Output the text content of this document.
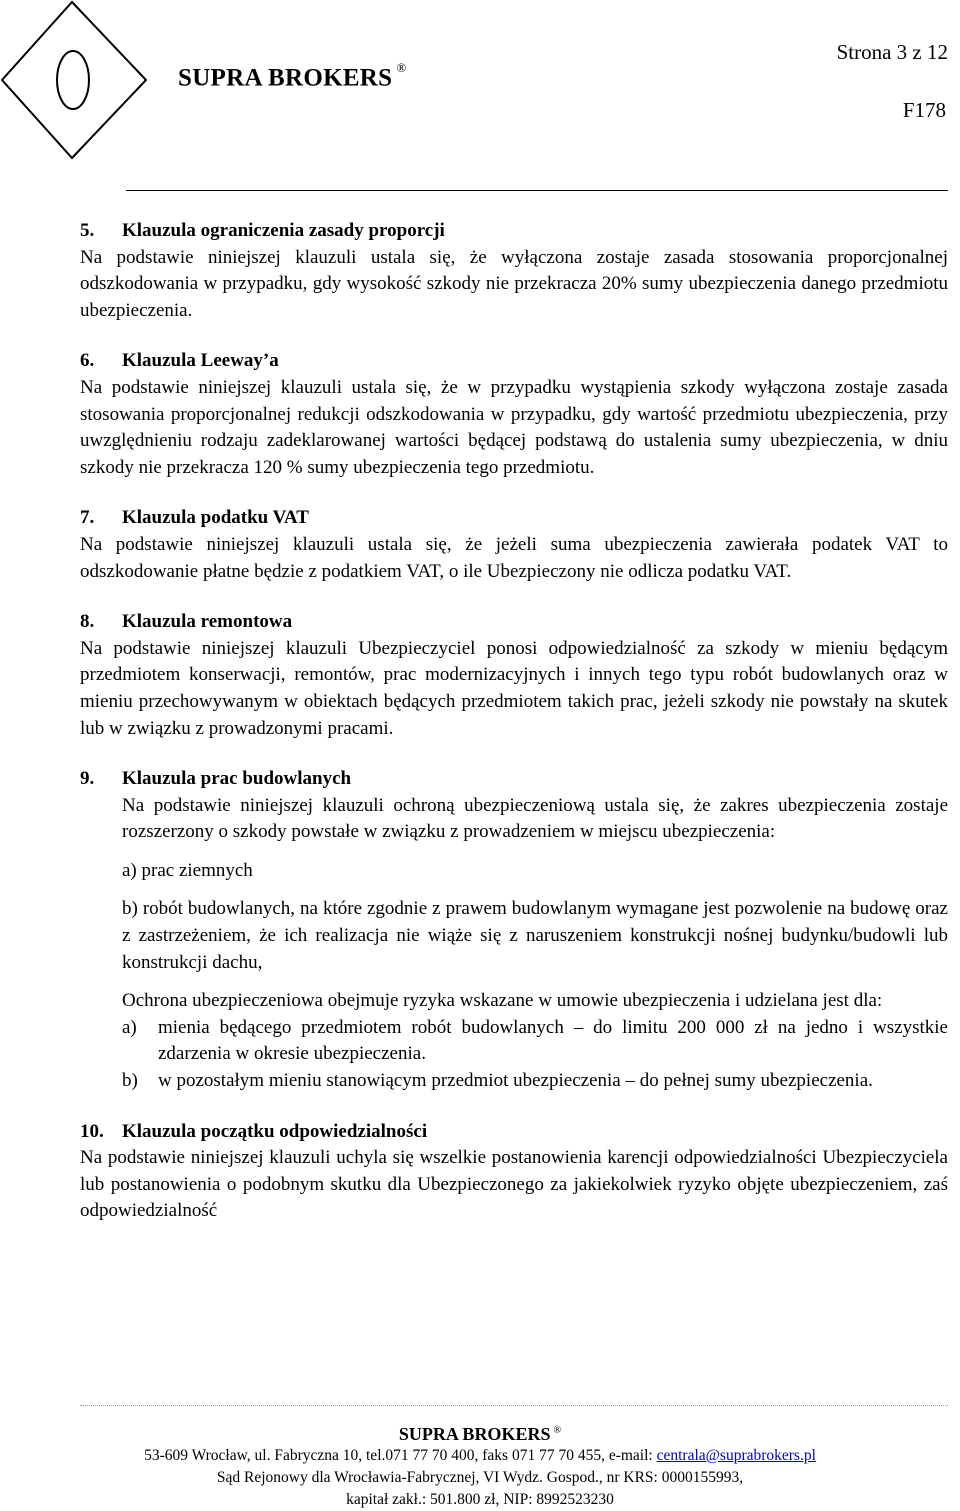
SUPRA BROKERS ®
Strona 3 z 12
F178
5.	Klauzula ograniczenia zasady proporcji

Na podstawie niniejszej klauzuli ustala się, że wyłączona zostaje zasada stosowania proporcjonalnej odszkodowania w przypadku, gdy wysokość szkody nie przekracza 20% sumy ubezpieczenia danego przedmiotu ubezpieczenia.

6.	Klauzula Leeway’a

Na podstawie niniejszej klauzuli ustala się, że w przypadku wystąpienia szkody wyłączona zostaje zasada stosowania proporcjonalnej redukcji odszkodowania w przypadku, gdy wartość przedmiotu ubezpieczenia, przy uwzględnieniu rodzaju zadeklarowanej wartości będącej podstawą do ustalenia sumy ubezpieczenia, w dniu szkody nie przekracza 120 % sumy ubezpieczenia tego przedmiotu.

7.	Klauzula podatku VAT

Na podstawie niniejszej klauzuli ustala się, że jeżeli suma ubezpieczenia zawierała podatek VAT to odszkodowanie płatne będzie z podatkiem VAT, o ile Ubezpieczony nie odlicza podatku VAT.

8.	Klauzula remontowa

Na podstawie niniejszej klauzuli Ubezpieczyciel ponosi odpowiedzialność za szkody w mieniu będącym przedmiotem konserwacji, remontów, prac modernizacyjnych i innych tego typu robót budowlanych oraz w mieniu przechowywanym w obiektach będących przedmiotem takich prac, jeżeli szkody nie powstały na skutek lub w związku z prowadzonymi pracami.

9.	Klauzula prac budowlanych

Na podstawie niniejszej klauzuli ochroną ubezpieczeniową ustala się, że zakres ubezpieczenia zostaje rozszerzony o szkody powstałe w związku z prowadzeniem w miejscu ubezpieczenia:

a) prac ziemnych

b) robót budowlanych, na które zgodnie z prawem budowlanym wymagane jest pozwolenie na budowę oraz z zastrzeżeniem, że ich realizacja nie wiąże się z naruszeniem konstrukcji nośnej budynku/budowli lub konstrukcji dachu,

Ochrona ubezpieczeniowa obejmuje ryzyka wskazane w umowie ubezpieczenia i udzielana jest dla:

a)	mienia będącego przedmiotem robót budowlanych – do limitu 200 000 zł na jedno i wszystkie zdarzenia w okresie ubezpieczenia.
b)	w pozostałym mieniu stanowiącym przedmiot ubezpieczenia – do pełnej sumy ubezpieczenia.
10. Klauzula początku odpowiedzialności

Na podstawie niniejszej klauzuli uchyla się wszelkie postanowienia karencji odpowiedzialności Ubezpieczyciela lub postanowienia o podobnym skutku dla Ubezpieczonego za jakiekolwiek ryzyko objęte ubezpieczeniem, zaś odpowiedzialność

SUPRA BROKERS ®
53-609 Wrocław, ul. Fabryczna 10, tel.071 77 70 400, faks 071 77 70 455, e-mail: centrala@suprabrokers.pl
Sąd Rejonowy dla Wrocławia-Fabrycznej, VI Wydz. Gospod., nr KRS: 0000155993,
kapitał zakł.: 501.800 zł, NIP: 8992523230
